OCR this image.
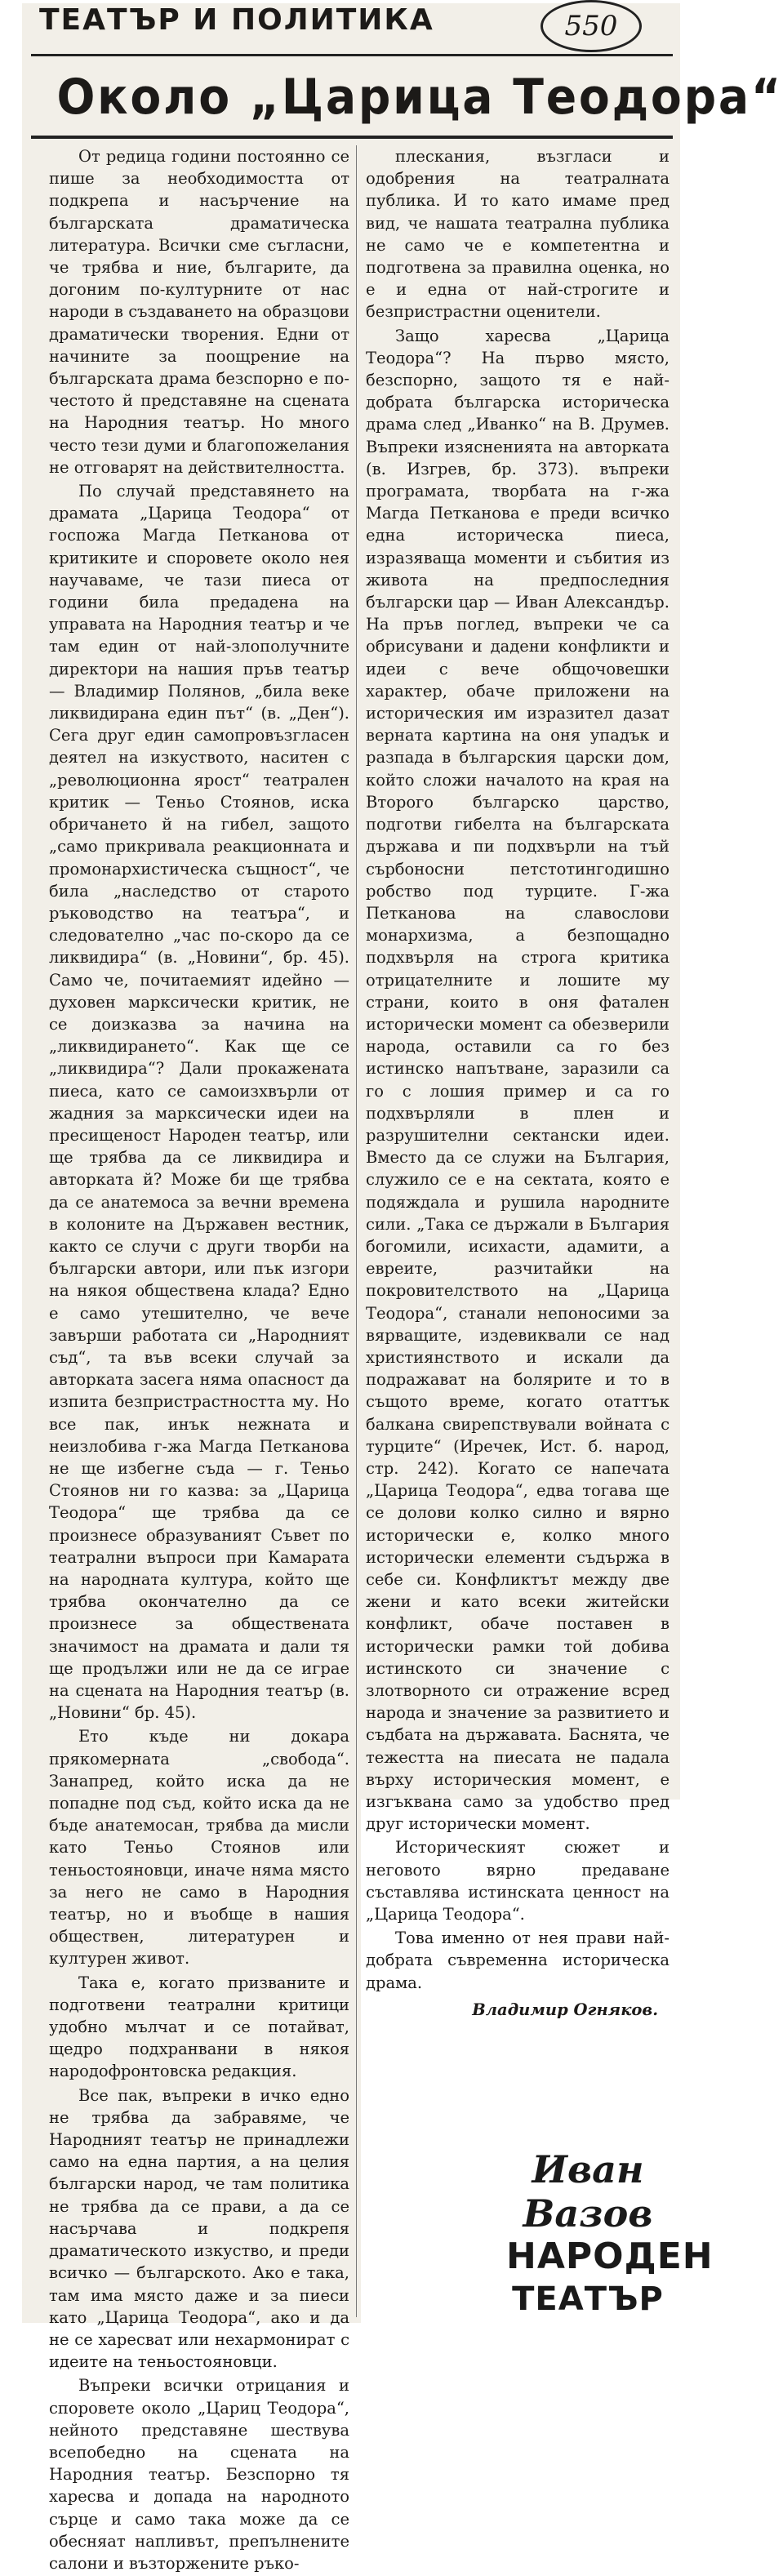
ТЕАТЪР И ПОЛИТИКА	550
Около „Царица Теодора“

От редица години постоянно се пише за необходимостта от подкрепа и насърчение на българската драматическа литература. Всички сме съгласни, че трябва и ние, българите, да догоним по-културните от нас народи в създаването на образцови драматически творения. Едни от начините за поощрение на българската драма безспорно е по-честото й представяне на сцената на Народния театър. Но много често тези думи и благопожелания не отговарят на действителността.

По случай представянето на драмата „Царица Теодора“ от госпожа Магда Петканова от критиките и споровете около нея научаваме, че тази пиеса от години била предадена на управата на Народния театър и че там един от най-злополучните директори на нашия пръв театър — Владимир Полянов, „била веке ликвидирана един път“ (в. „Ден“). Сега друг един самопровъзгласен деятел на изкуството, наситен с „революционна ярост“ театрален критик — Теньо Стоянов, иска обричането й на гибел, защото „само прикривала реакционната и промонархистическа същност“, че била „наследство от старото ръководство на театъра“, и следователно „час по-скоро да се ликвидира“ (в. „Новини“, бр. 45). Само че, почитаемият идейно — духовен марксически критик, не се доизказва за начина на „ликвидирането“. Как ще се „ликвидира“? Дали прокажената пиеса, като се самоизхвърли от жадния за марксически идеи на пресищеност Народен театър, или ще трябва да се ликвидира и авторката й? Може би ще трябва да се анатемоса за вечни времена в колоните на Държавен вестник, както се случи с други творби на български автори, или пък изгори на някоя обществена клада? Едно е само утешително, че вече завърши работата си „Народният съд“, та във всеки случай за авторката засега няма опасност да изпита безпристрастността му. Но все пак, инък нежната и неизлобива г-жа Магда Петканова не ще избегне съда — г. Теньо Стоянов ни го казва: за „Царица Теодора“ ще трябва да се произнесе образуваният Съвет по театрални въпроси при Камарата на народната култура, който ще трябва окончателно да се произнесе за обществената значимост на драмата и дали тя ще продължи или не да се играе на сцената на Народния театър (в. „Новини“ бр. 45).

Ето къде ни докара прякомерната „свобода“. Занапред, който иска да не попадне под съд, който иска да не бъде анатемосан, трябва да мисли като Теньо Стоянов или теньостояновци, иначе няма място за него не само в Народния театър, но и въобще в нашия обществен, литературен и културен живот.

Така е, когато призваните и подготвени театрални критици удобно мълчат и се потайват, щедро подхранвани в някоя народофронтовска редакция.

Все пак, въпреки в ичко едно не трябва да забравяме, че Народният театър не принадлежи само на една партия, а на целия български народ, че там политика не трябва да се прави, а да се насърчава и подкрепя драматическото изкуство, и преди всичко — българското. Ако е така, там има място даже и за пиеси като „Царица Теодора“, ако и да не се харесват или нехармонират с идеите на теньостояновци.

Въпреки всички отрицания и споровете около „Цариц Теодора“, нейното представяне шествува всепобедно на сцената на Народния театър. Безспорно тя харесва и допада на народното сърце и само така може да се обесняат напливът, препълнените салони и възторжените ръко-

плескания, възгласи и одобрения на театралната публика. И то като имаме пред вид, че нашата театрална публика не само че е компетентна и подготвена за правилна оценка, но е и една от най-строгите и безпристрастни оценители.

Защо харесва „Царица Теодора“? На първо място, безспорно, защото тя е най-добрата българска историческа драма след „Иванко“ на В. Друмев. Въпреки изясненията на авторката (в. Изгрев, бр. 373). въпреки програмата, творбата на г-жа Магда Петканова е преди всичко една историческа пиеса, изразяваща моменти и събития из живота на предпоследния български цар — Иван Александър. На пръв поглед, въпреки че са обрисувани и дадени конфликти и идеи с вече общочовешки характер, обаче приложени на историческия им изразител дазат верната картина на оня упадък и разпада в българския царски дом, който сложи началото на края на Второго българско царство, подготви гибелта на българската държава и пи подхвърли на тъй сърбоносни петстотингодишно робство под турците. Г-жа Петканова на славослови монархизма, а безпощадно подхвърля на строга критика отрицателните и лошите му страни, които в оня фатален исторически момент са обезверили народа, оставили са го без истинско напътване, заразили са го с лошия пример и са го подхвърляли в плен и разрушителни сектански идеи. Вместо да се служи на България, служило се е на сектата, която е подяждала и рушила народните сили. „Така се държали в България богомили, исихасти, адамити, а евреите, разчитайки на покровителството на „Царица Теодора“, станали непоносими за вярващите, издевиквали се над християнството и искали да подражават на болярите и то в същото време, когато отаттък балкана свирепствували войната с турците“ (Иречек, Ист. б. народ, стр. 242). Когато се напечата „Царица Теодора“, едва тогава ще се долови колко силно и вярно исторически е, колко много исторически елементи съдържа в себе си. Конфликтът между две жени и като всеки житейски конфликт, обаче поставен в исторически рамки той добива истинското си значение с злотворното си отражение всред народа и значение за развитието и съдбата на държавата. Баснята, че тежестта на пиесата не падала върху историческия момент, е изгъквана само за удобство пред друг исторически момент.

Историческият сюжет и неговото вярно предаване съставлява истинската ценност на „Царица Теодора“.

Това именно от нея прави най-добрата съвременна историческа драма.

Владимир Огняков.
Иван Вазов
НАРОДЕН
ТЕАТЪР
